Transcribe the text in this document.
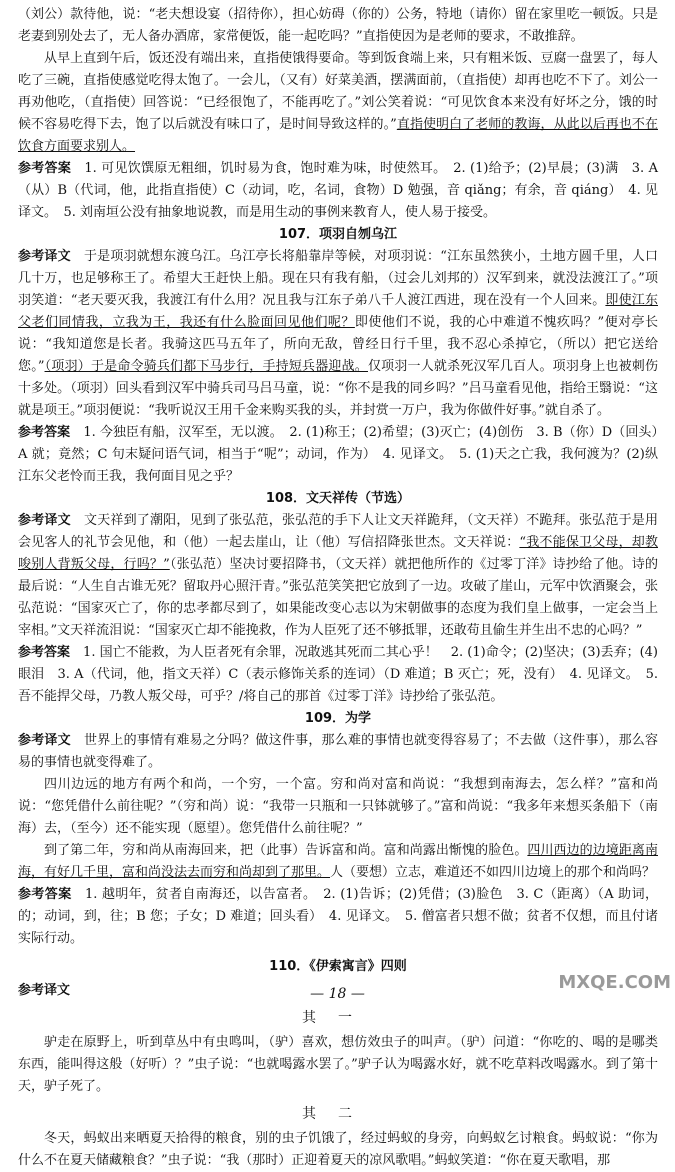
（刘公）款待他，说：“老夫想设宴（招待你），担心妨碍（你的）公务，特地（请你）留在家里吃一顿饭。只是老妻到别处去了，无人备办酒席，家常便饭，能一起吃吗？”直指使因为是老师的要求，不敢推辞。

从早上直到午后，饭还没有端出来，直指使饿得要命。等到饭食端上来，只有粗米饭、豆腐一盘罢了，每人吃了三碗，直指使感觉吃得太饱了。一会儿，（又有）好菜美酒，摆满面前，（直指使）却再也吃不下了。刘公一再劝他吃，（直指使）回答说：“已经很饱了，不能再吃了。”刘公笑着说：“可见饮食本来没有好坏之分，饿的时候不容易吃得下去，饱了以后就没有味口了，是时间导致这样的。”直指使明白了老师的教诲，从此以后再也不在饮食方面要求别人。

参考答案　 1. 可见饮馔原无粗细，饥时易为食，饱时难为味，时使然耳。　2. (1)给予；(2)早晨；(3)满　3. A（从）B（代词，他，此指直指使）C（动词，吃，名词，食物）D 勉强，音 qiǎng；有余，音 qiáng）　4. 见译文。　5. 刘南垣公没有抽象地说教，而是用生动的事例来教育人，使人易于接受。

107．项羽自刎乌江

参考译文　 于是项羽就想东渡乌江。乌江亭长将船靠岸等候，对项羽说：“江东虽然狭小，土地方圆千里，人口几十万，也足够称王了。希望大王赶快上船。现在只有我有船，（过会儿刘邦的）汉军到来，就没法渡江了。”项羽笑道：“老天要灭我，我渡江有什么用？况且我与江东子弟八千人渡江西进，现在没有一个人回来。即使江东父老们同情我，立我为王，我还有什么脸面回见他们呢？即使他们不说，我的心中难道不愧疚吗？”便对亭长说：“我知道您是长者。我骑这匹马五年了，所向无敌，曾经日行千里，我不忍心杀掉它，（所以）把它送给您。”（项羽）于是命令骑兵们都下马步行，手持短兵器迎战。仅项羽一人就杀死汉军几百人。项羽身上也被刺伤十多处。（项羽）回头看到汉军中骑兵司马吕马童，说：“你不是我的同乡吗？”吕马童看见他，指给王翳说：“这就是项王。”项羽便说：“我听说汉王用千金来购买我的头，并封赏一万户，我为你做件好事。”就自杀了。

参考答案　 1. 今独臣有船，汉军至，无以渡。　2. (1)称王；(2)希望；(3)灭亡；(4)创伤　3. B（你）D（回头）A 就；竟然；C 句末疑问语气词，相当于“呢”；动词，作为）　4. 见译文。　5. (1)天之亡我，我何渡为？(2)纵江东父老怜而王我，我何面目见之乎？

108．文天祥传（节选）

参考译文　 文天祥到了潮阳，见到了张弘范，张弘范的手下人让文天祥跪拜，（文天祥）不跪拜。张弘范于是用会见客人的礼节会见他，和（他）一起去崖山，让（他）写信招降张世杰。文天祥说：“我不能保卫父母，却教唆别人背叛父母，行吗？”（张弘范）坚决讨要招降书，（文天祥）就把他所作的《过零丁洋》诗抄给了他。诗的最后说：“人生自古谁无死？留取丹心照汗青。”张弘范笑笑把它放到了一边。攻破了崖山，元军中饮酒聚会，张弘范说：“国家灭亡了，你的忠孝都尽到了，如果能改变心志以为宋朝做事的态度为我们皇上做事，一定会当上宰相。”文天祥流泪说：“国家灭亡却不能挽救，作为人臣死了还不够抵罪，还敢苟且偷生并生出不忠的心吗？”

参考答案　 1. 国亡不能救，为人臣者死有余罪，况敢逃其死而二其心乎！　2. (1)命令；(2)坚决；(3)丢弃；(4)眼泪　3. A（代词，他，指文天祥）C（表示修饰关系的连词）（D 难道；B 灭亡；死，没有）　4. 见译文。　5. 吾不能捍父母，乃教人叛父母，可乎？/将自己的那首《过零丁洋》诗抄给了张弘范。

109．为学

参考译文　 世界上的事情有难易之分吗？做这件事，那么难的事情也就变得容易了；不去做（这件事），那么容易的事情也就变得难了。

四川边远的地方有两个和尚，一个穷，一个富。穷和尚对富和尚说：“我想到南海去，怎么样？”富和尚说：“您凭借什么前往呢？”（穷和尚）说：“我带一只瓶和一只钵就够了。”富和尚说：“我多年来想买条船下（南海）去，（至今）还不能实现（愿望）。您凭借什么前往呢？”

到了第二年，穷和尚从南海回来，把（此事）告诉富和尚。富和尚露出惭愧的脸色。四川西边的边境距离南海，有好几千里，富和尚没法去而穷和尚却到了那里。人（要想）立志，难道还不如四川边境上的那个和尚吗？

参考答案　 1. 越明年，贫者自南海还，以告富者。　2. (1)告诉；(2)凭借；(3)脸色　3. C（距离）（A 助词，的；动词，到，往；B 您；子女；D 难道；回头看）　4. 见译文。　5. 僧富者只想不做；贫者不仅想，而且付诸实际行动。

110．《伊索寓言》四则

参考译文

其一

驴走在原野上，听到草丛中有虫鸣叫，（驴）喜欢，想仿效虫子的叫声。（驴）问道：“你吃的、喝的是哪类东西，能叫得这般（好听）？”虫子说：“也就喝露水罢了。”驴子认为喝露水好，就不吃草料改喝露水。到了第十天，驴子死了。

其二

冬天，蚂蚁出来晒夏天拾得的粮食，别的虫子饥饿了，经过蚂蚁的身旁，向蚂蚁乞讨粮食。蚂蚁说：“你为什么不在夏天储藏粮食？”虫子说：“我（那时）正迎着夏天的凉风歌唱。”蚂蚁笑道：“你在夏天歌唱，那

— 18 —
MXQE.COM
